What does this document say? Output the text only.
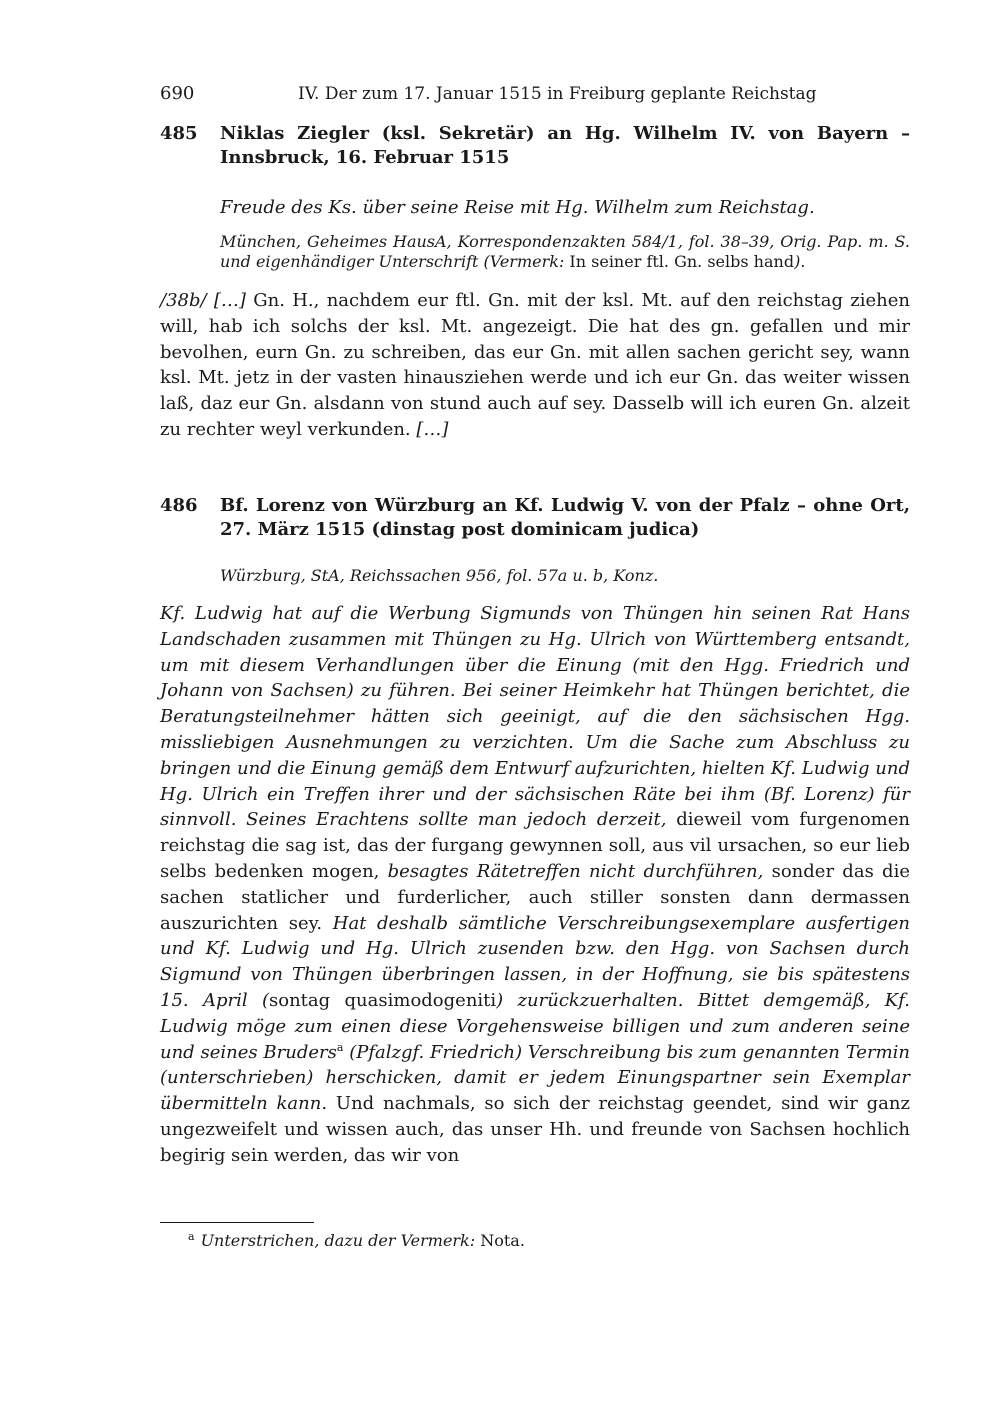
690	IV. Der zum 17. Januar 1515 in Freiburg geplante Reichstag
485 Niklas Ziegler (ksl. Sekretär) an Hg. Wilhelm IV. von Bayern – Innsbruck, 16. Februar 1515
Freude des Ks. über seine Reise mit Hg. Wilhelm zum Reichstag.
München, Geheimes HausA, Korrespondenzakten 584/1, fol. 38–39, Orig. Pap. m. S. und eigenhändiger Unterschrift (Vermerk: In seiner ftl. Gn. selbs hand).
/38b/ […] Gn. H., nachdem eur ftl. Gn. mit der ksl. Mt. auf den reichstag ziehen will, hab ich solchs der ksl. Mt. angezeigt. Die hat des gn. gefallen und mir bevolhen, eurn Gn. zu schreiben, das eur Gn. mit allen sachen gericht sey, wann ksl. Mt. jetz in der vasten hinausziehen werde und ich eur Gn. das weiter wissen laß, daz eur Gn. alsdann von stund auch auf sey. Dasselb will ich euren Gn. alzeit zu rechter weyl verkunden. […]
486 Bf. Lorenz von Würzburg an Kf. Ludwig V. von der Pfalz – ohne Ort, 27. März 1515 (dinstag post dominicam judica)
Würzburg, StA, Reichssachen 956, fol. 57a u. b, Konz.
Kf. Ludwig hat auf die Werbung Sigmunds von Thüngen hin seinen Rat Hans Landschaden zusammen mit Thüngen zu Hg. Ulrich von Württemberg entsandt, um mit diesem Verhandlungen über die Einung (mit den Hgg. Friedrich und Johann von Sachsen) zu führen. Bei seiner Heimkehr hat Thüngen berichtet, die Beratungsteilnehmer hätten sich geeinigt, auf die den sächsischen Hgg. missliebigen Ausnehmungen zu verzichten. Um die Sache zum Abschluss zu bringen und die Einung gemäß dem Entwurf aufzurichten, hielten Kf. Ludwig und Hg. Ulrich ein Treffen ihrer und der sächsischen Räte bei ihm (Bf. Lorenz) für sinnvoll. Seines Erachtens sollte man jedoch derzeit, dieweil vom furgenomen reichstag die sag ist, das der furgang gewynnen soll, aus vil ursachen, so eur lieb selbs bedenken mogen, besagtes Rätetreffen nicht durchführen, sonder das die sachen statlicher und furderlicher, auch stiller sonsten dann dermassen auszurichten sey. Hat deshalb sämtliche Verschreibungsexemplare ausfertigen und Kf. Ludwig und Hg. Ulrich zusenden bzw. den Hgg. von Sachsen durch Sigmund von Thüngen überbringen lassen, in der Hoffnung, sie bis spätestens 15. April (sontag quasimodogeniti) zurückzuerhalten. Bittet demgemäß, Kf. Ludwig möge zum einen diese Vorgehensweise billigen und zum anderen seine und seines Bruders$^a$ (Pfalzgf. Friedrich) Verschreibung bis zum genannten Termin (unterschrieben) herschicken, damit er jedem Einungspartner sein Exemplar übermitteln kann. Und nachmals, so sich der reichstag geendet, sind wir ganz ungezweifelt und wissen auch, das unser Hh. und freunde von Sachsen hochlich begirig sein werden, das wir von
$^a$ Unterstrichen, dazu der Vermerk: Nota.
